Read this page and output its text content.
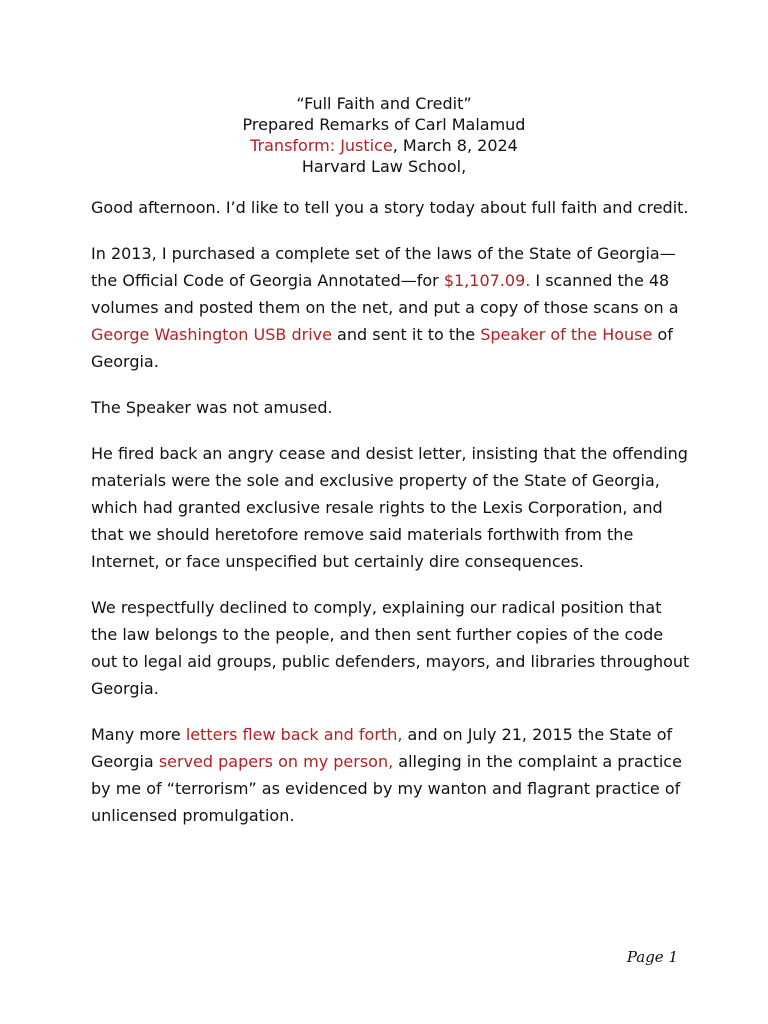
“Full Faith and Credit”
Prepared Remarks of Carl Malamud
Transform: Justice, March 8, 2024
Harvard Law School,

Good afternoon. I’d like to tell you a story today about full faith and credit.

In 2013, I purchased a complete set of the laws of the State of Georgia— the Official Code of Georgia Annotated—for $1,107.09. I scanned the 48 volumes and posted them on the net, and put a copy of those scans on a George Washington USB drive and sent it to the Speaker of the House of Georgia.

The Speaker was not amused.

He fired back an angry cease and desist letter, insisting that the offending materials were the sole and exclusive property of the State of Georgia, which had granted exclusive resale rights to the Lexis Corporation, and that we should heretofore remove said materials forthwith from the Internet, or face unspecified but certainly dire consequences.

We respectfully declined to comply, explaining our radical position that the law belongs to the people, and then sent further copies of the code out to legal aid groups, public defenders, mayors, and libraries throughout Georgia.

Many more letters flew back and forth, and on July 21, 2015 the State of Georgia served papers on my person, alleging in the complaint a practice by me of “terrorism” as evidenced by my wanton and flagrant practice of unlicensed promulgation.

Page 1
